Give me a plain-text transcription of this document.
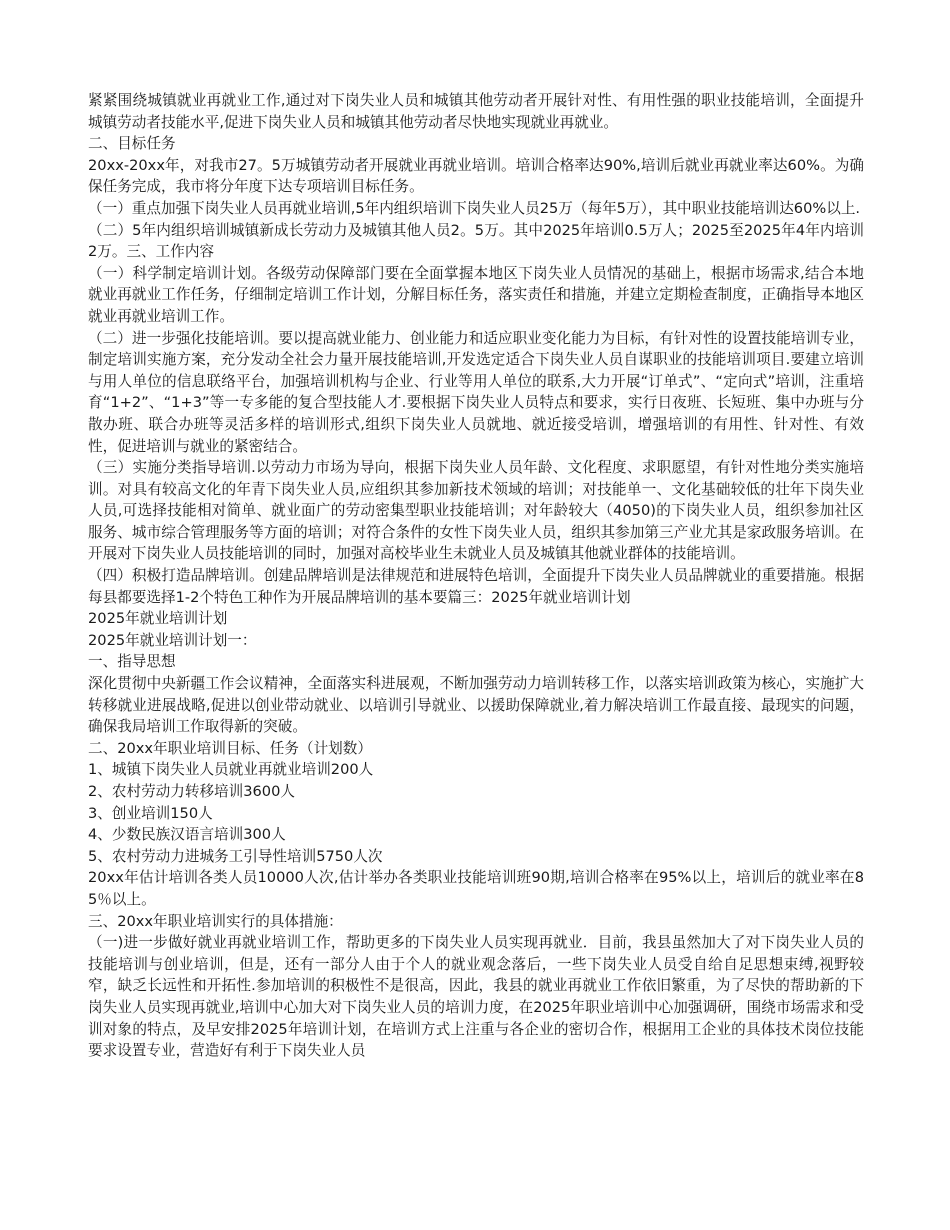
紧紧围绕城镇就业再就业工作,通过对下岗失业人员和城镇其他劳动者开展针对性、有用性强的职业技能培训，全面提升城镇劳动者技能水平,促进下岗失业人员和城镇其他劳动者尽快地实现就业再就业。

二、目标任务

20xx-20xx年，对我市27。5万城镇劳动者开展就业再就业培训。培训合格率达90%,培训后就业再就业率达60%。为确保任务完成，我市将分年度下达专项培训目标任务。

（一）重点加强下岗失业人员再就业培训,5年内组织培训下岗失业人员25万（每年5万），其中职业技能培训达60%以上.

（二）5年内组织培训城镇新成长劳动力及城镇其他人员2。5万。其中2025年培训0.5万人；2025至2025年4年内培训2万。三、工作内容

（一）科学制定培训计划。各级劳动保障部门要在全面掌握本地区下岗失业人员情况的基础上，根据市场需求,结合本地就业再就业工作任务，仔细制定培训工作计划，分解目标任务，落实责任和措施，并建立定期检查制度，正确指导本地区就业再就业培训工作。

（二）进一步强化技能培训。要以提高就业能力、创业能力和适应职业变化能力为目标，有针对性的设置技能培训专业，制定培训实施方案，充分发动全社会力量开展技能培训,开发选定适合下岗失业人员自谋职业的技能培训项目.要建立培训与用人单位的信息联络平台，加强培训机构与企业、行业等用人单位的联系,大力开展“订单式”、“定向式”培训，注重培育“1+2”、“1+3”等一专多能的复合型技能人才.要根据下岗失业人员特点和要求，实行日夜班、长短班、集中办班与分散办班、联合办班等灵活多样的培训形式,组织下岗失业人员就地、就近接受培训，增强培训的有用性、针对性、有效性，促进培训与就业的紧密结合。

（三）实施分类指导培训.以劳动力市场为导向，根据下岗失业人员年龄、文化程度、求职愿望，有针对性地分类实施培训。对具有较高文化的年青下岗失业人员,应组织其参加新技术领域的培训；对技能单一、文化基础较低的壮年下岗失业人员,可选择技能相对简单、就业面广的劳动密集型职业技能培训；对年龄较大（4050)的下岗失业人员，组织参加社区服务、城市综合管理服务等方面的培训；对符合条件的女性下岗失业人员，组织其参加第三产业尤其是家政服务培训。在开展对下岗失业人员技能培训的同时，加强对高校毕业生未就业人员及城镇其他就业群体的技能培训。

（四）积极打造品牌培训。创建品牌培训是法律规范和进展特色培训，全面提升下岗失业人员品牌就业的重要措施。根据每县都要选择1-2个特色工种作为开展品牌培训的基本要篇三：2025年就业培训计划

2025年就业培训计划

2025年就业培训计划一：

一、指导思想

深化贯彻中央新疆工作会议精神，全面落实科进展观，不断加强劳动力培训转移工作，以落实培训政策为核心，实施扩大转移就业进展战略,促进以创业带动就业、以培训引导就业、以援助保障就业,着力解决培训工作最直接、最现实的问题，确保我局培训工作取得新的突破。

二、20xx年职业培训目标、任务（计划数）

1、城镇下岗失业人员就业再就业培训200人

2、农村劳动力转移培训3600人

3、创业培训150人

4、少数民族汉语言培训300人

5、农村劳动力进城务工引导性培训5750人次

20xx年估计培训各类人员10000人次,估计举办各类职业技能培训班90期,培训合格率在95%以上，培训后的就业率在85％以上。

三、20xx年职业培训实行的具体措施：

（一)进一步做好就业再就业培训工作，帮助更多的下岗失业人员实现再就业．目前，我县虽然加大了对下岗失业人员的技能培训与创业培训，但是，还有一部分人由于个人的就业观念落后，一些下岗失业人员受自给自足思想束缚,视野较窄，缺乏长远性和开拓性.参加培训的积极性不是很高，因此，我县的就业再就业工作依旧繁重，为了尽快的帮助新的下岗失业人员实现再就业,培训中心加大对下岗失业人员的培训力度，在2025年职业培训中心加强调研，围绕市场需求和受训对象的特点，及早安排2025年培训计划，在培训方式上注重与各企业的密切合作，根据用工企业的具体技术岗位技能要求设置专业，营造好有利于下岗失业人员
